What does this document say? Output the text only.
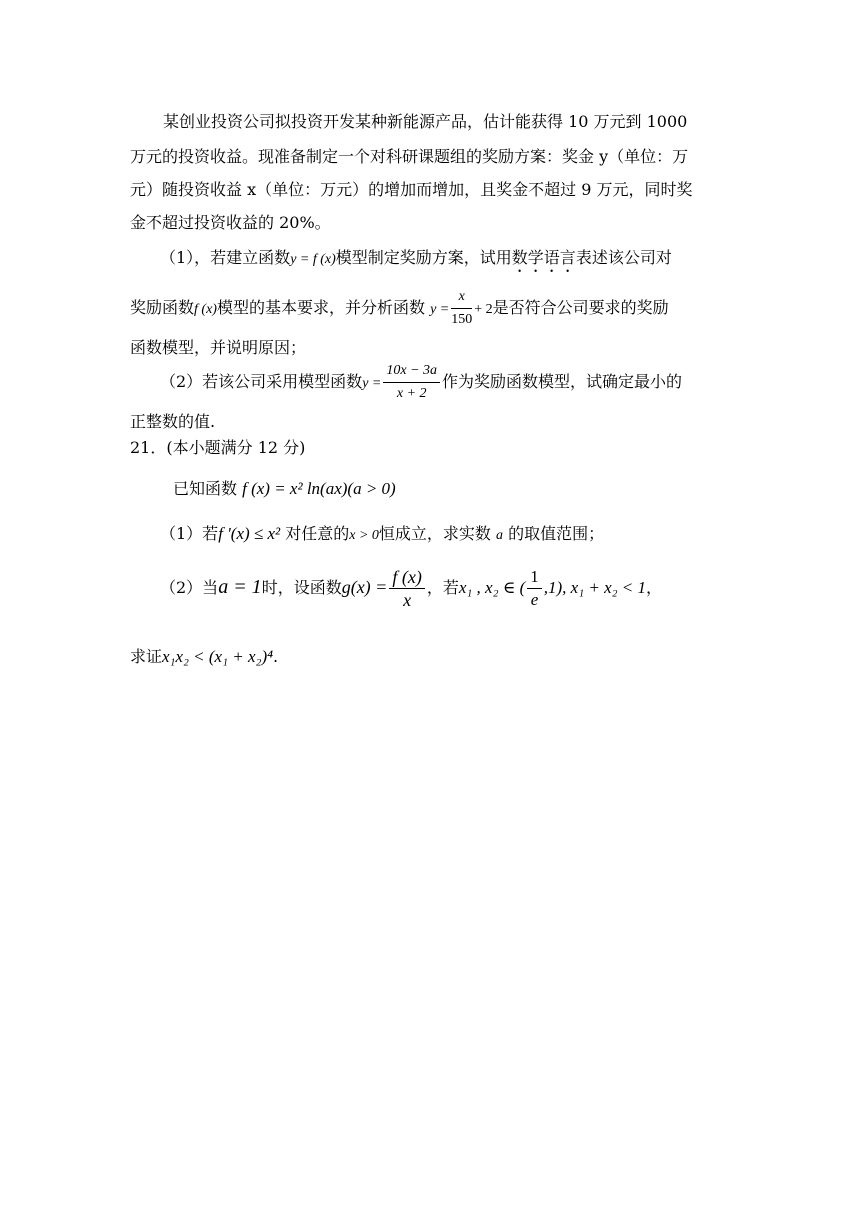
某创业投资公司拟投资开发某种新能源产品，估计能获得 10 万元到 1000
万元的投资收益。现准备制定一个对科研课题组的奖励方案：奖金 y（单位：万
元）随投资收益 x（单位：万元）的增加而增加，且奖金不超过 9 万元，同时奖
金不超过投资收益的 20%。
（1），若建立函数y = f (x)模型制定奖励方案，试用数学语言表述该公司对
奖励函数f (x)模型的基本要求，并分析函数 $y = \frac{x}{150} + 2$是否符合公司要求的奖励
函数模型，并说明原因；
（2）若该公司采用模型函数$y = \frac{10x - 3a}{x + 2}$ 作为奖励函数模型，试确定最小的
正整数的值.
21．(本小题满分 12 分)
已知函数 f (x) = x² ln(ax)(a > 0)
（1）若f '(x) ≤ x² 对任意的x > 0恒成立，求实数 a 的取值范围；
（2）当a = 1时，设函数$g(x) = \frac{f (x)}{x}$ ，若x₁ , x₂ ∈ ( $\frac{1}{e} ,1$), x₁ + x₂ < 1，
求证x₁x₂ < (x₁ + x₂)⁴.
